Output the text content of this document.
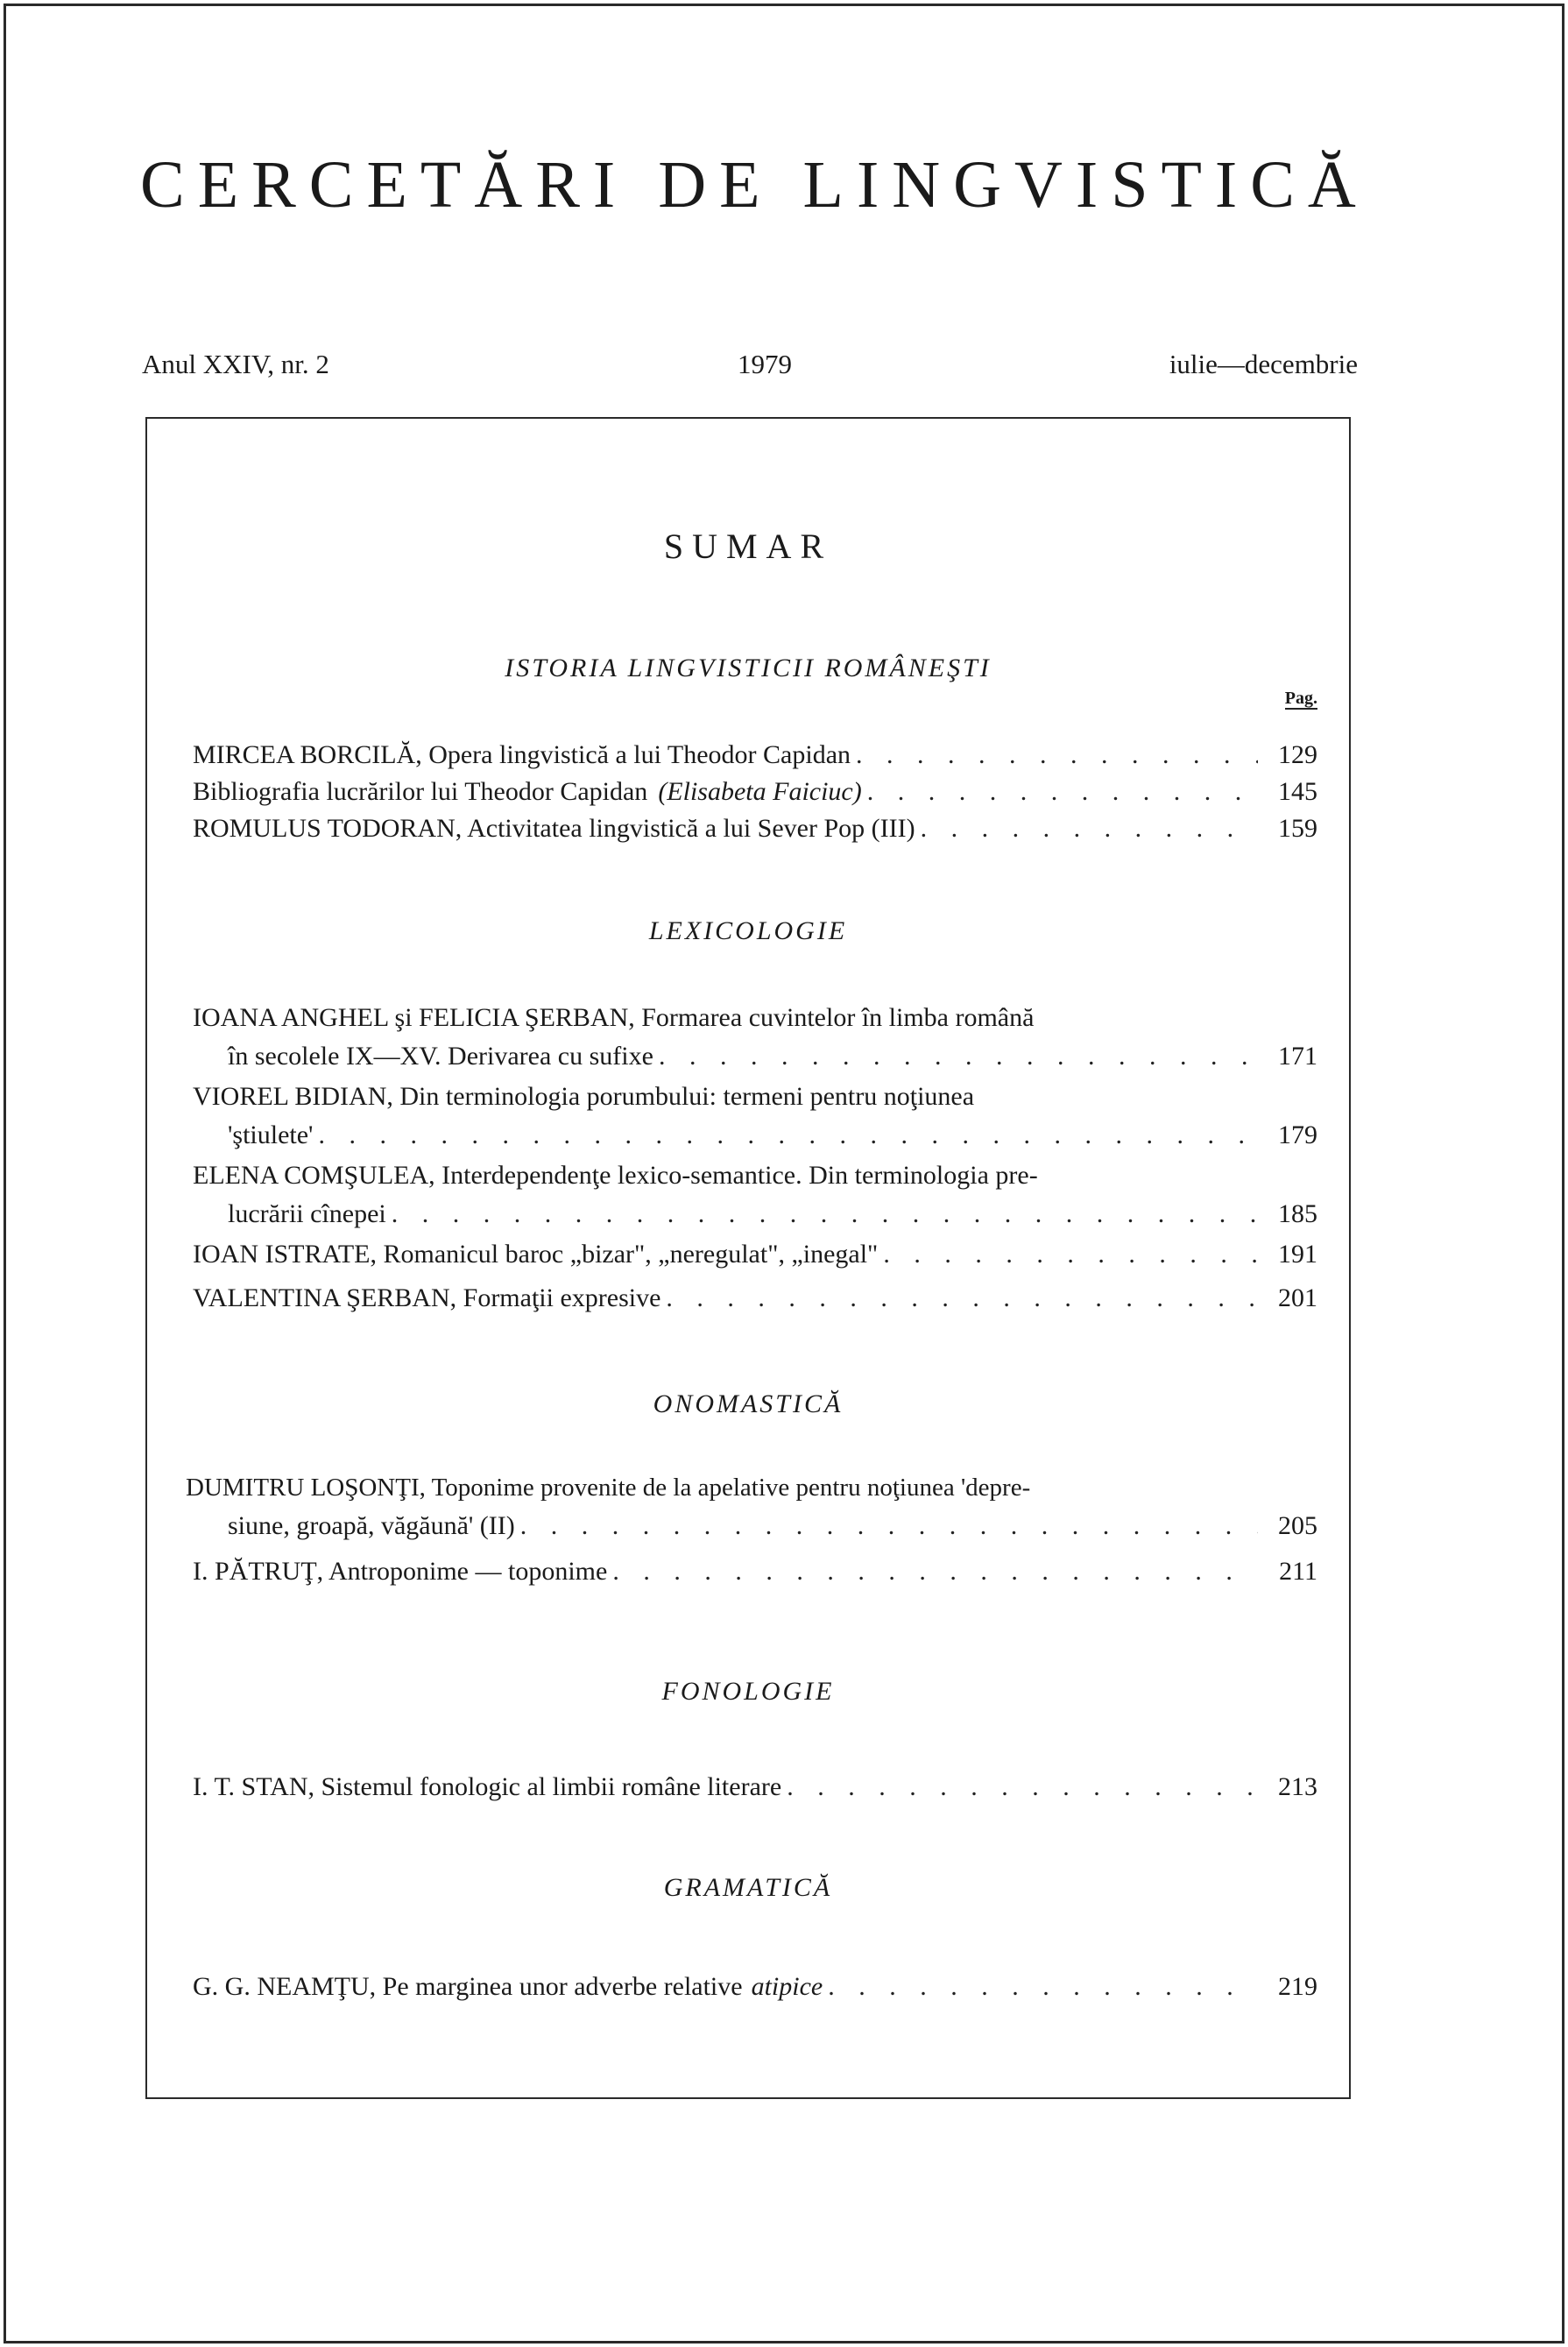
CERCETĂRI DE LINGVISTICĂ
Anul XXIV, nr. 2	1979	iulie—decembrie
SUMAR
ISTORIA LINGVISTICII ROMÂNEŞTI
Pag.
MIRCEA BORCILĂ, Opera lingvistică a lui Theodor Capidan . . .	129
Bibliografia lucrărilor lui Theodor Capidan (Elisabeta Faiciuc) . . .	145
ROMULUS TODORAN, Activitatea lingvistică a lui Sever Pop (III) . . .	159
LEXICOLOGIE
IOANA ANGHEL şi FELICIA ŞERBAN, Formarea cuvintelor în limba română
în secolele IX—XV. Derivarea cu sufixe . . .	171
VIOREL BIDIAN, Din terminologia porumbului: termeni pentru noţiunea
'ştiulete' . . .	179
ELENA COMŞULEA, Interdependenţe lexico-semantice. Din terminologia pre-
lucrării cînepei . . .	185
IOAN ISTRATE, Romanicul baroc „bizar", „neregulat", „inegal" . . .	191
VALENTINA ŞERBAN, Formaţii expresive . . .	201
ONOMASTICĂ
DUMITRU LOŞONŢI, Toponime provenite de la apelative pentru noţiunea 'depre-
siune, groapă, văgăună' (II) . . .	205
I. PĂTRUŢ, Antroponime — toponime . . .	211
FONOLOGIE
I. T. STAN, Sistemul fonologic al limbii române literare . . .	213
GRAMATICĂ
G. G. NEAMŢU, Pe marginea unor adverbe relative atipice . . .	219
